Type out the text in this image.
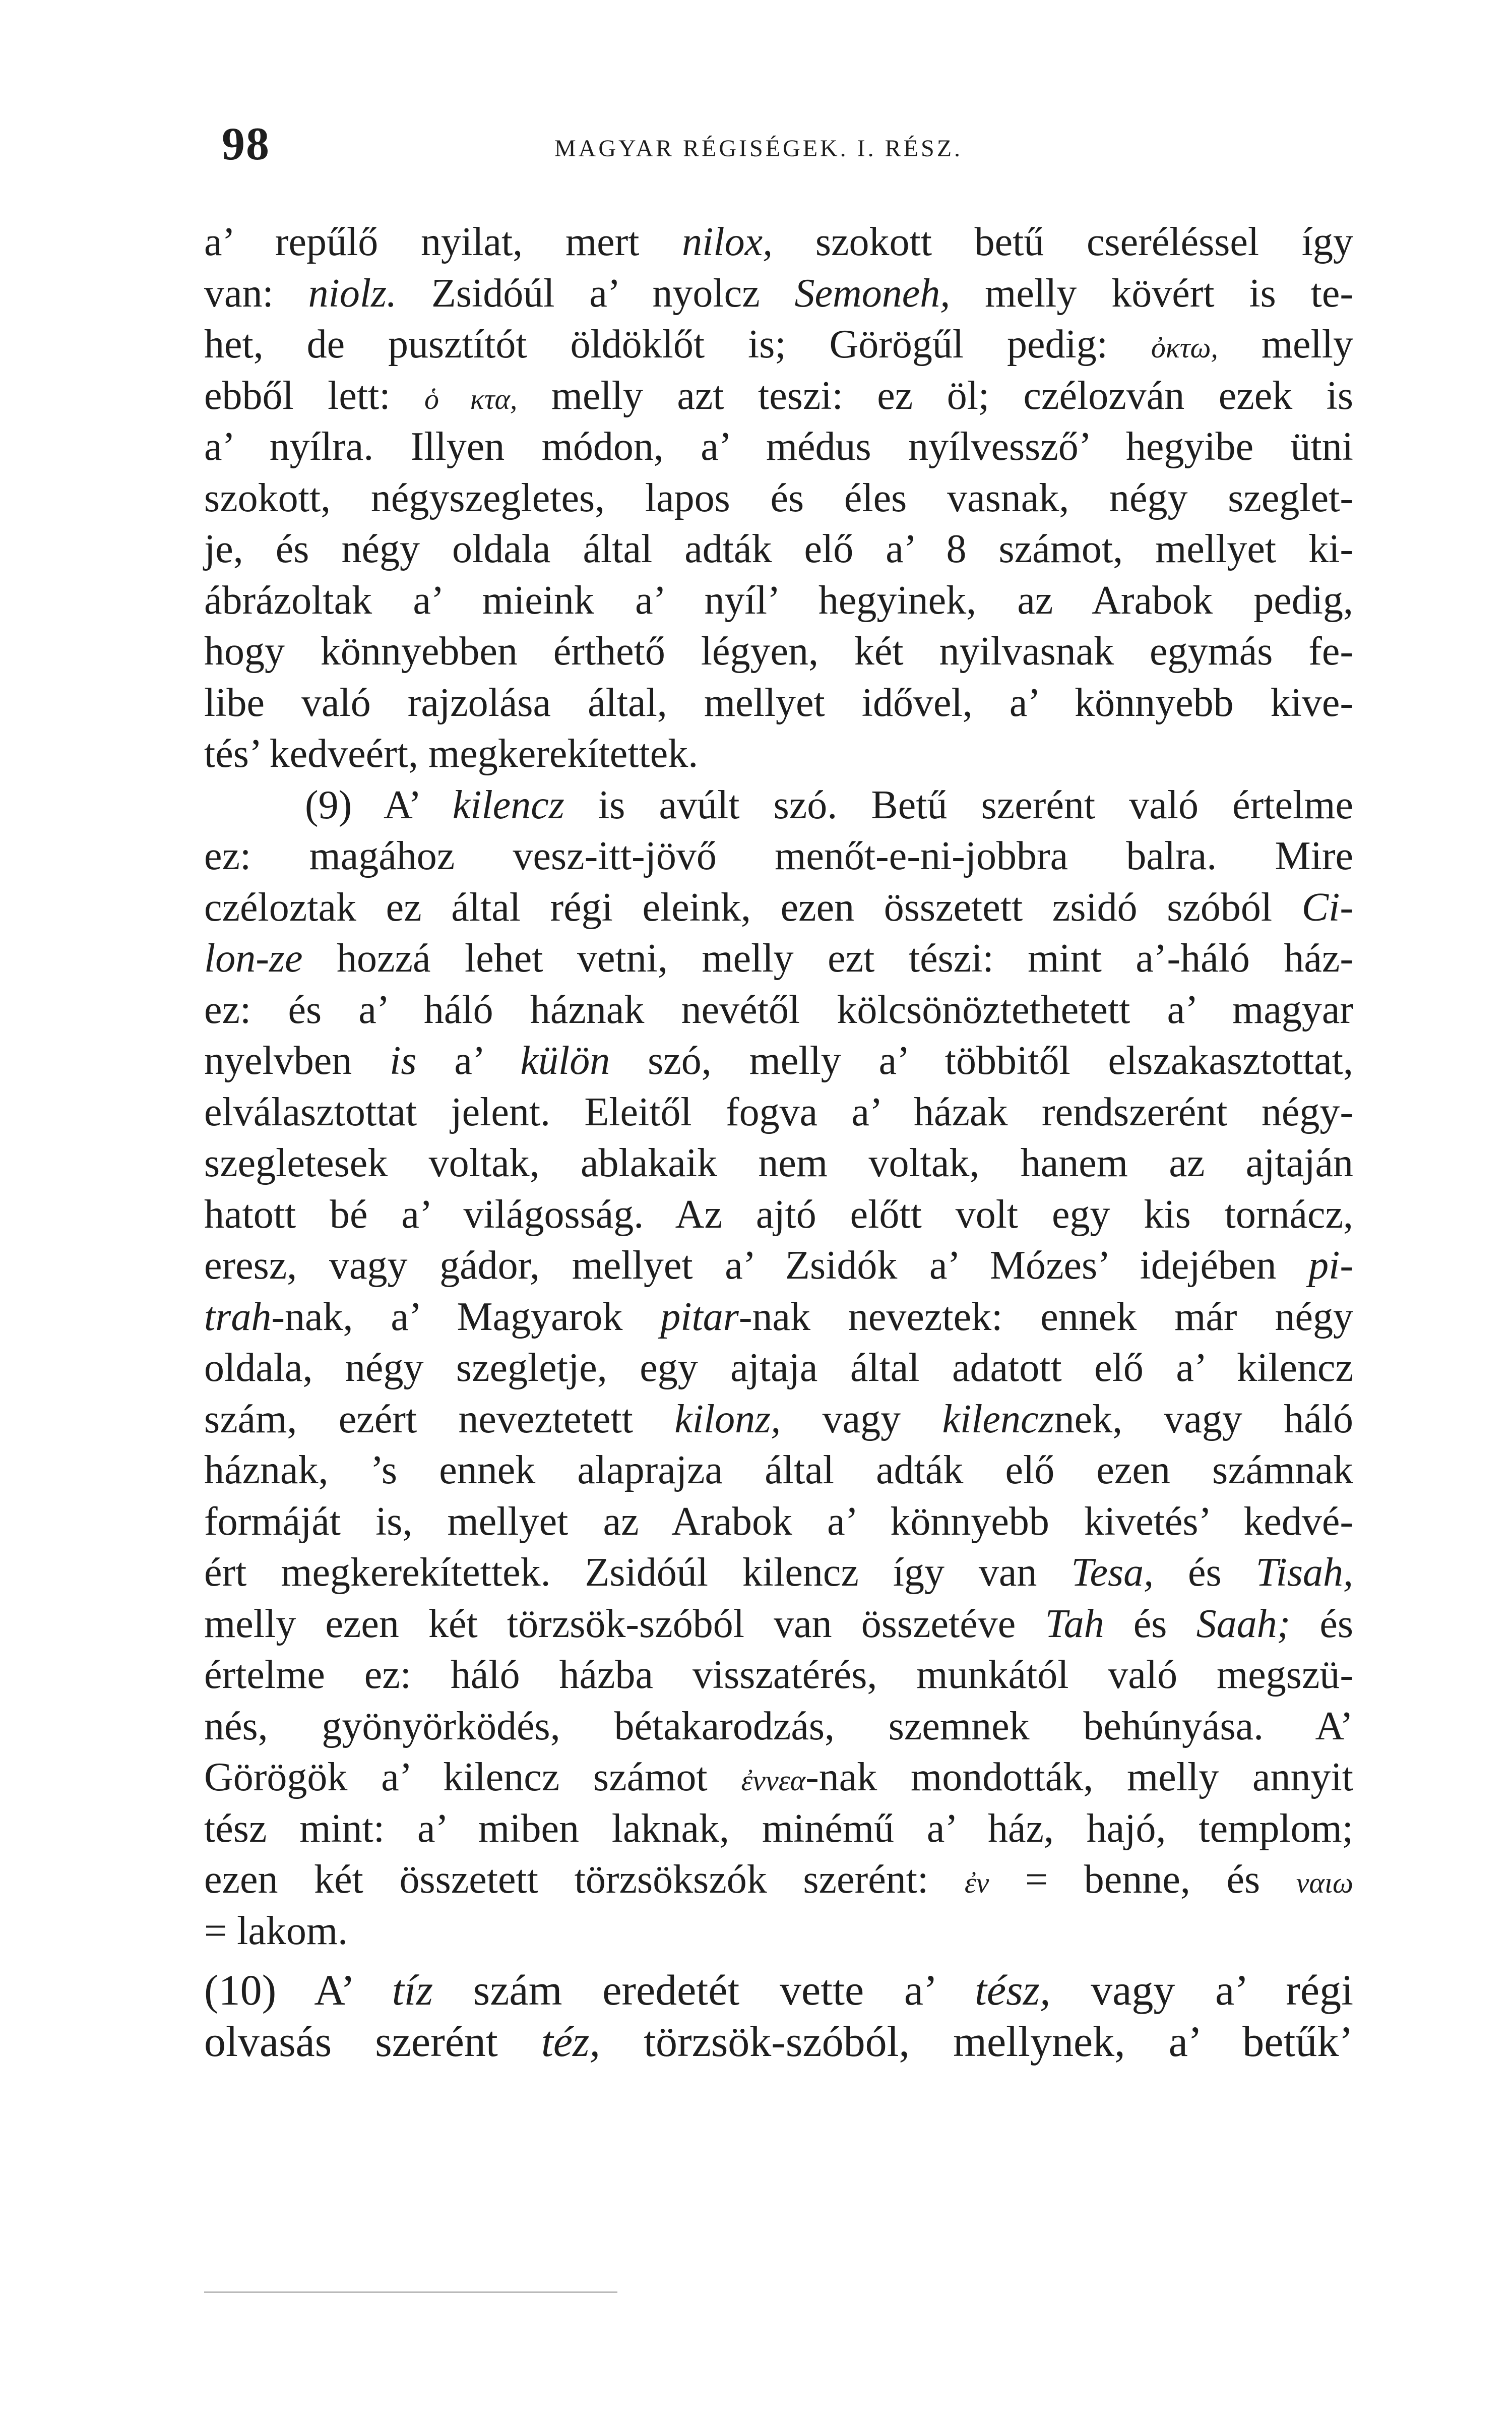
98	MAGYAR RÉGISÉGEK. I. RÉSZ.
a’ repűlő nyilat, mert nilox, szokott betű cseréléssel így
van: niolz. Zsidóúl a’ nyolcz Semoneh, melly kövért is te-
het, de pusztítót öldöklőt is; Görögűl pedig: ὀκτω, melly
ebből lett: ὁ κτα, melly azt teszi: ez öl; czélozván ezek is
a’ nyílra. Illyen módon, a’ médus nyílvessző’ hegyibe ütni
szokott, négyszegletes, lapos és éles vasnak, négy szeglet-
je, és négy oldala által adták elő a’ 8 számot, mellyet ki-
ábrázoltak a’ mieink a’ nyíl’ hegyinek, az Arabok pedig,
hogy könnyebben érthető légyen, két nyilvasnak egymás fe-
libe való rajzolása által, mellyet idővel, a’ könnyebb kive-
tés’ kedveért, megkerekítettek.
(9) A’ kilencz is avúlt szó. Betű szerént való értelme
ez: magához vesz-itt-jövő menőt-e-ni-jobbra balra. Mire
czéloztak ez által régi eleink, ezen összetett zsidó szóból Ci-
lon-ze hozzá lehet vetni, melly ezt tészi: mint a’-háló ház-
ez: és a’ háló háznak nevétől kölcsönöztethetett a’ magyar
nyelvben is a’ külön szó, melly a’ többitől elszakasztottat,
elválasztottat jelent. Eleitől fogva a’ házak rendszerént négy-
szegletesek voltak, ablakaik nem voltak, hanem az ajtaján
hatott bé a’ világosság. Az ajtó előtt volt egy kis tornácz,
eresz, vagy gádor, mellyet a’ Zsidók a’ Mózes’ idejében pi-
trah-nak, a’ Magyarok pitar-nak neveztek: ennek már négy
oldala, négy szegletje, egy ajtaja által adatott elő a’ kilencz
szám, ezért neveztetett kilonz, vagy kilencznek, vagy háló
háznak, ’s ennek alaprajza által adták elő ezen számnak
formáját is, mellyet az Arabok a’ könnyebb kivetés’ kedvé-
ért megkerekítettek. Zsidóúl kilencz így van Tesa, és Tisah,
melly ezen két törzsök-szóból van összetéve Tah és Saah; és
értelme ez: háló házba visszatérés, munkától való megszü-
nés, gyönyörködés, bétakarodzás, szemnek behúnyása. A’
Görögök a’ kilencz számot ἐννεα-nak mondották, melly annyit
tész mint: a’ miben laknak, minémű a’ ház, hajó, templom;
ezen két összetett törzsökszók szerént: ἐν = benne, és ναιω
= lakom.
(10) A’ tíz szám eredetét vette a’ tész, vagy a’ régi
olvasás szerént téz, törzsök-szóból, mellynek, a’ betűk’
